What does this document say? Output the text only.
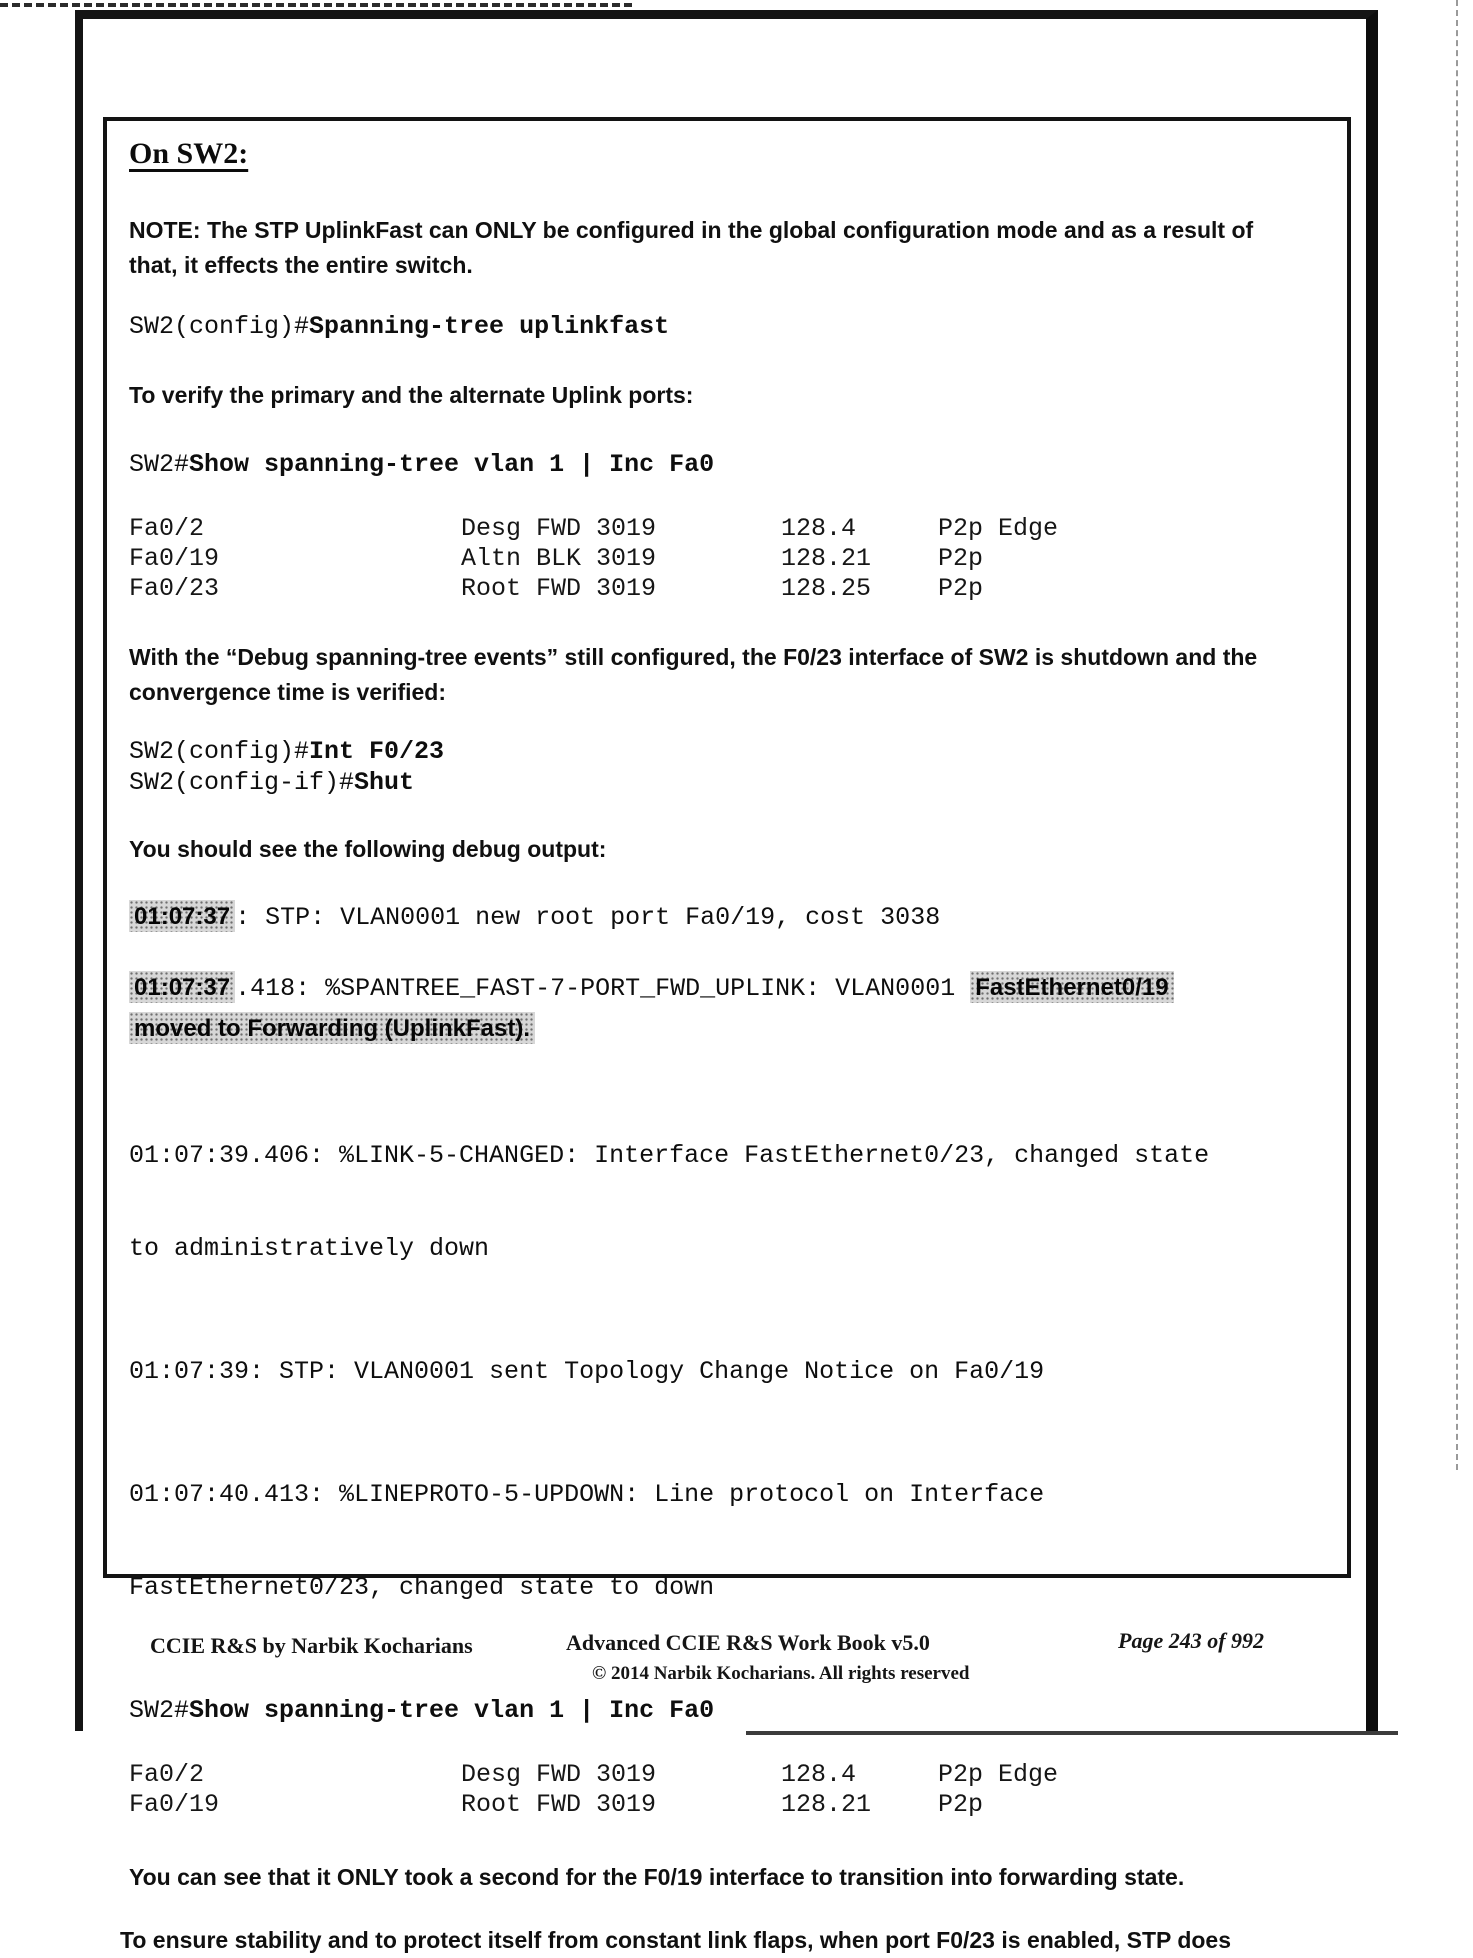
On SW2:
NOTE: The STP UplinkFast can ONLY be configured in the global configuration mode and as a result of
that, it effects the entire switch.
SW2(config)#Spanning-tree uplinkfast
To verify the primary and the alternate Uplink ports:
SW2#Show spanning-tree vlan 1 | Inc Fa0
Fa0/2	Desg FWD 3019	128.4	P2p Edge
Fa0/19	Altn BLK 3019	128.21	P2p
Fa0/23	Root FWD 3019	128.25	P2p
With the “Debug spanning-tree events” still configured, the F0/23 interface of SW2 is shutdown and the
convergence time is verified:
SW2(config)#Int F0/23
SW2(config-if)#Shut
You should see the following debug output:
01:07:37 : STP: VLAN0001 new root port Fa0/19, cost 3038
01:07:37 .418: %SPANTREE_FAST-7-PORT_FWD_UPLINK: VLAN0001 FastEthernet0/19
moved to Forwarding (UplinkFast).

01:07:39.406: %LINK-5-CHANGED: Interface FastEthernet0/23, changed state

to administratively down

01:07:39: STP: VLAN0001 sent Topology Change Notice on Fa0/19

01:07:40.413: %LINEPROTO-5-UPDOWN: Line protocol on Interface

FastEthernet0/23, changed state to down

SW2#Show spanning-tree vlan 1 | Inc Fa0
Fa0/2	Desg FWD 3019	128.4	P2p Edge
Fa0/19	Root FWD 3019	128.21	P2p
You can see that it ONLY took a second for the F0/19 interface to transition into forwarding state.
To ensure stability and to protect itself from constant link flaps, when port F0/23 is enabled, STP does
CCIE R&S by Narbik Kocharians	Advanced CCIE R&S Work Book v5.0
© 2014 Narbik Kocharians. All rights reserved
Page 243 of 992
